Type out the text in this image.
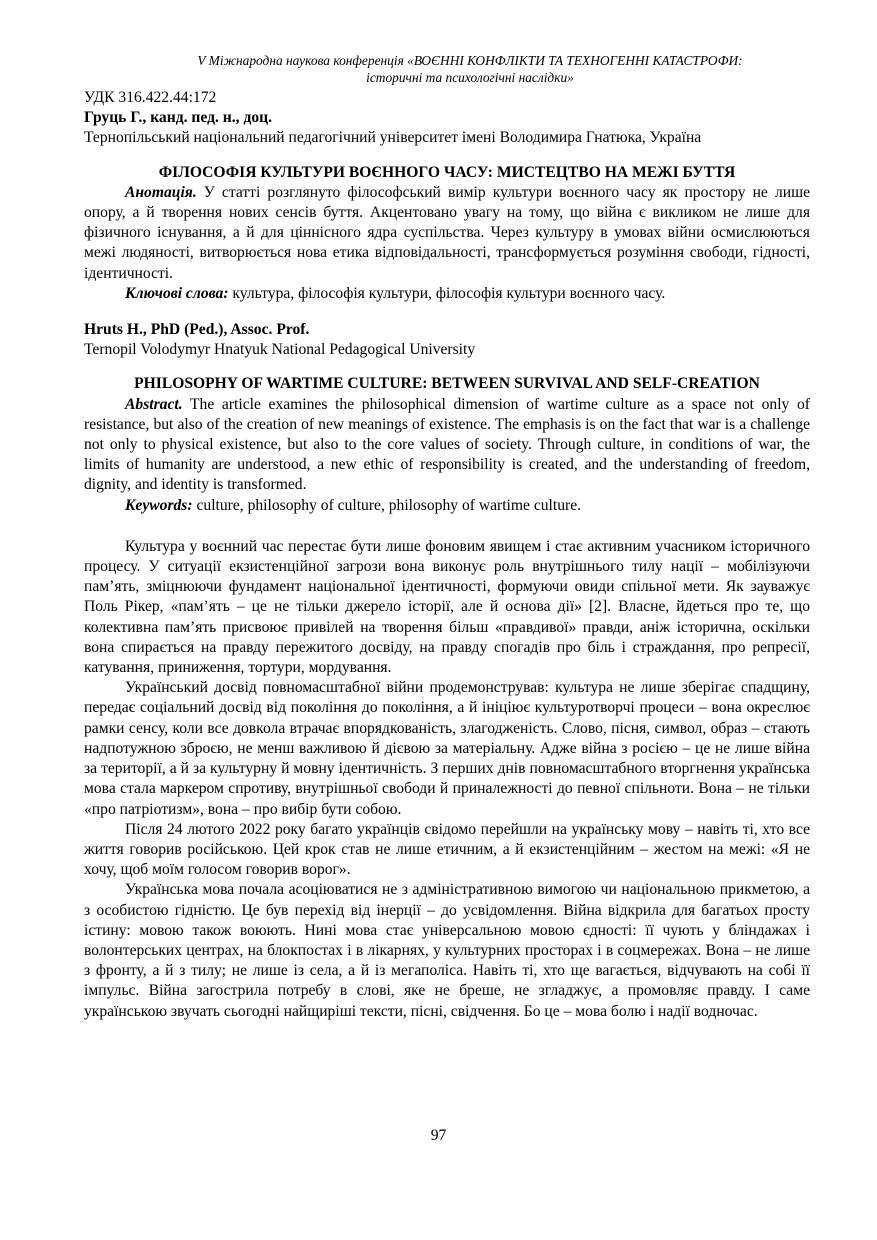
V Міжнародна наукова конференція «ВОЄННІ КОНФЛІКТИ ТА ТЕХНОГЕННІ КАТАСТРОФИ:
історичні та психологічні наслідки»

УДК 316.422.44:172

Груць Г., канд. пед. н., доц.

Тернопільський національний педагогічний університет імені Володимира Гнатюка, Україна

ФІЛОСОФІЯ КУЛЬТУРИ ВОЄННОГО ЧАСУ: МИСТЕЦТВО НА МЕЖІ БУТТЯ

Анотація. У статті розглянуто філософський вимір культури воєнного часу як простору не лише опору, а й творення нових сенсів буття. Акцентовано увагу на тому, що війна є викликом не лише для фізичного існування, а й для ціннісного ядра суспільства. Через культуру в умовах війни осмислюються межі людяності, витворюється нова етика відповідальності, трансформується розуміння свободи, гідності, ідентичності.

Ключові слова: культура, філософія культури, філософія культури воєнного часу.

Hruts H., PhD (Ped.), Assoc. Prof.

Ternopil Volodymyr Hnatyuk National Pedagogical University

PHILOSOPHY OF WARTIME CULTURE: BETWEEN SURVIVAL AND SELF-CREATION

Abstract. The article examines the philosophical dimension of wartime culture as a space not only of resistance, but also of the creation of new meanings of existence. The emphasis is on the fact that war is a challenge not only to physical existence, but also to the core values of society. Through culture, in conditions of war, the limits of humanity are understood, a new ethic of responsibility is created, and the understanding of freedom, dignity, and identity is transformed.

Keywords: culture, philosophy of culture, philosophy of wartime culture.

Культура у воєнний час перестає бути лише фоновим явищем і стає активним учасником історичного процесу. У ситуації екзистенційної загрози вона виконує роль внутрішнього тилу нації – мобілізуючи пам’ять, зміцнюючи фундамент національної ідентичності, формуючи овиди спільної мети. Як зауважує Поль Рікер, «пам’ять – це не тільки джерело історії, але й основа дії» [2]. Власне, йдеться про те, що колективна пам’ять присвоює привілей на творення більш «правдивої» правди, аніж історична, оскільки вона спирається на правду пережитого досвіду, на правду спогадів про біль і страждання, про репресії, катування, приниження, тортури, мордування.

Український досвід повномасштабної війни продемонстрував: культура не лише зберігає спадщину, передає соціальний досвід від покоління до покоління, а й ініціює культуротворчі процеси – вона окреслює рамки сенсу, коли все довкола втрачає впорядкованість, злагодженість. Слово, пісня, символ, образ – стають надпотужною зброєю, не менш важливою й дієвою за матеріальну. Адже війна з росією – це не лише війна за території, а й за культурну й мовну ідентичність. З перших днів повномасштабного вторгнення українська мова стала маркером спротиву, внутрішньої свободи й приналежності до певної спільноти. Вона – не тільки «про патріотизм», вона – про вибір бути собою.

Після 24 лютого 2022 року багато українців свідомо перейшли на українську мову – навіть ті, хто все життя говорив російською. Цей крок став не лише етичним, а й екзистенційним – жестом на межі: «Я не хочу, щоб моїм голосом говорив ворог».

Українська мова почала асоціюватися не з адміністративною вимогою чи національною прикметою, а з особистою гідністю. Це був перехід від інерції – до усвідомлення. Війна відкрила для багатьох просту істину: мовою також воюють. Нині мова стає універсальною мовою єдності: її чують у бліндажах і волонтерських центрах, на блокпостах і в лікарнях, у культурних просторах і в соцмережах. Вона – не лише з фронту, а й з тилу; не лише із села, а й із мегаполіса. Навіть ті, хто ще вагається, відчувають на собі її імпульс. Війна загострила потребу в слові, яке не бреше, не згладжує, а промовляє правду. І саме українською звучать сьогодні найщиріші тексти, пісні, свідчення. Бо це – мова болю і надії водночас.

97
